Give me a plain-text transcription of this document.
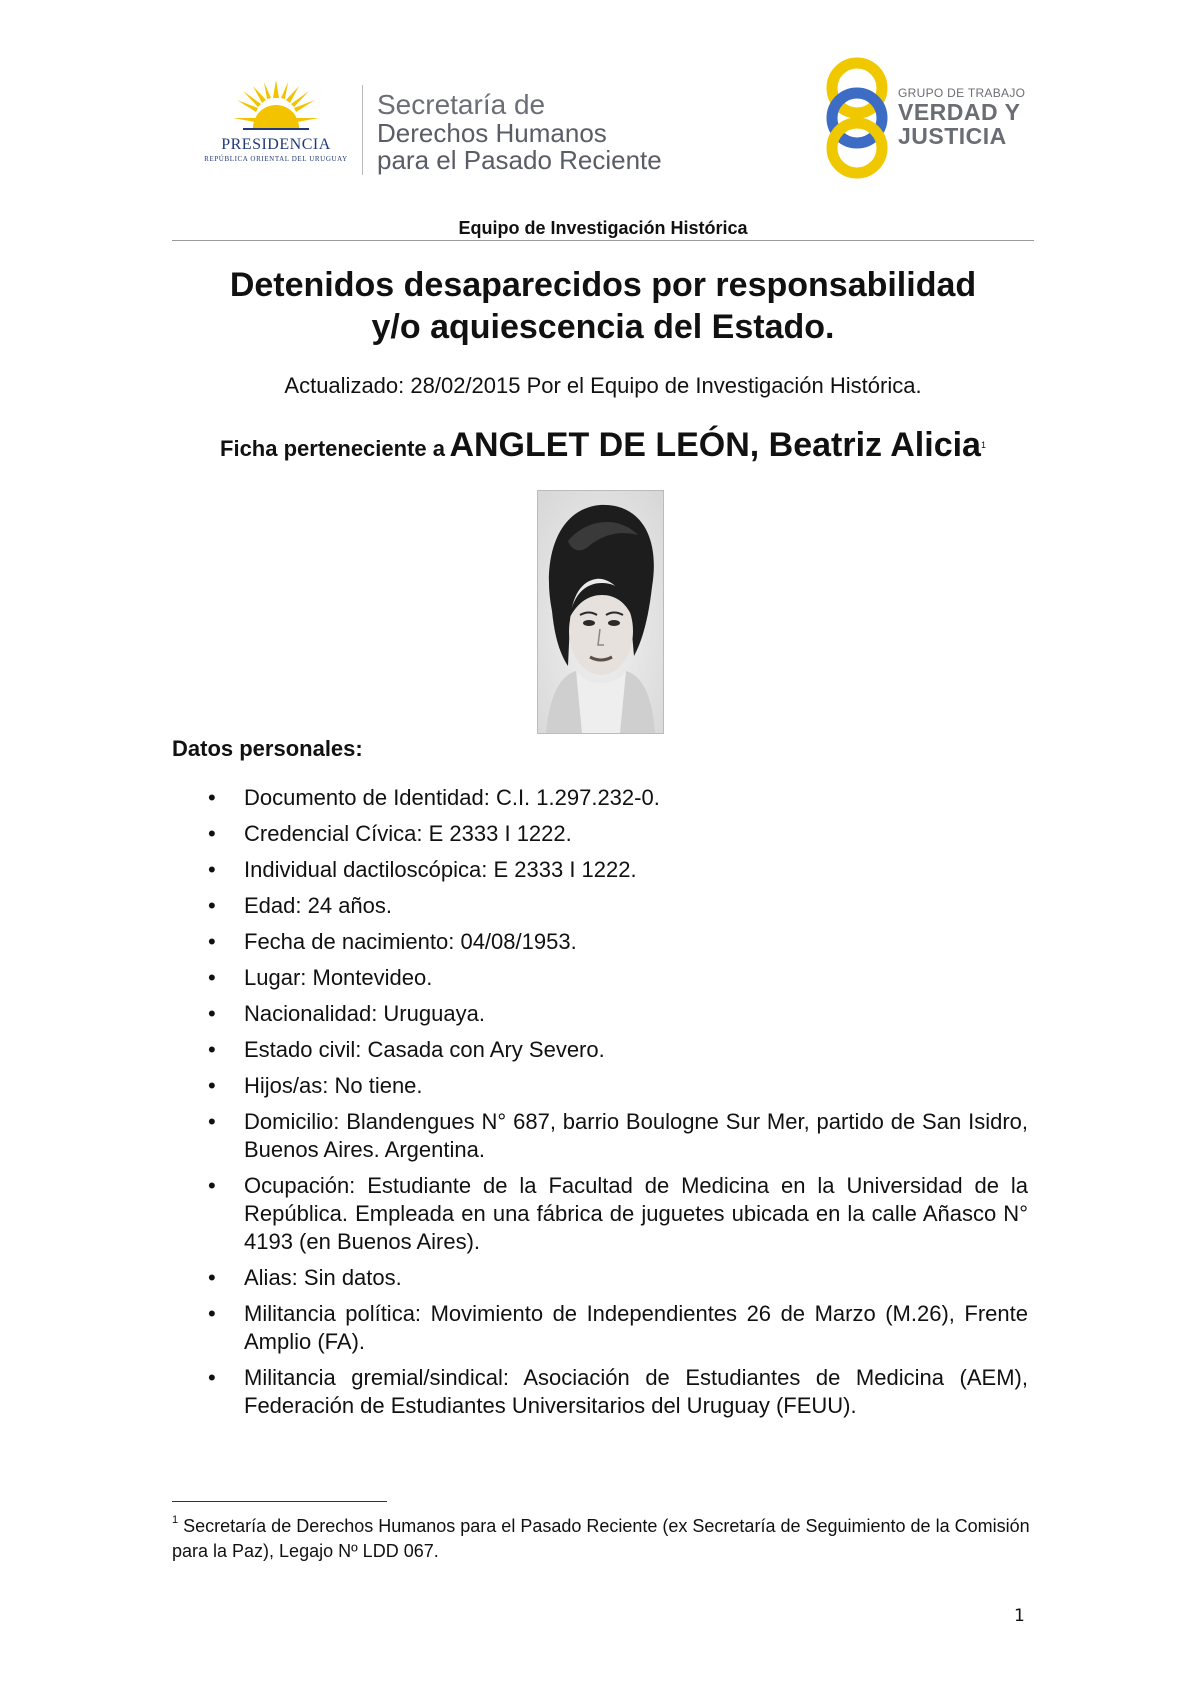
PRESIDENCIA
REPÚBLICA ORIENTAL DEL URUGUAY
Secretaría de
Derechos Humanos
para el Pasado Reciente
GRUPO DE TRABAJO
VERDAD Y
JUSTICIA
Equipo de Investigación Histórica
Detenidos desaparecidos por responsabilidad
y/o aquiescencia del Estado.
Actualizado: 28/02/2015 Por el Equipo de Investigación Histórica.
Ficha perteneciente a ANGLET DE LEÓN, Beatriz Alicia$^1$
Datos personales:
• Documento de Identidad: C.I. 1.297.232-0.
• Credencial Cívica: E 2333 I 1222.
• Individual dactiloscópica: E 2333 I 1222.
• Edad: 24 años.
• Fecha de nacimiento: 04/08/1953.
• Lugar: Montevideo.
• Nacionalidad: Uruguaya.
• Estado civil: Casada con Ary Severo.
• Hijos/as: No tiene.
• Domicilio: Blandengues N° 687, barrio Boulogne Sur Mer, partido de San Isidro, Buenos Aires. Argentina.
• Ocupación: Estudiante de la Facultad de Medicina en la Universidad de la República. Empleada en una fábrica de juguetes ubicada en la calle Añasco N° 4193 (en Buenos Aires).
• Alias: Sin datos.
• Militancia política: Movimiento de Independientes 26 de Marzo (M.26), Frente Amplio (FA).
• Militancia gremial/sindical: Asociación de Estudiantes de Medicina (AEM), Federación de Estudiantes Universitarios del Uruguay (FEUU).
$^1$ Secretaría de Derechos Humanos para el Pasado Reciente (ex Secretaría de Seguimiento de la Comisión para la Paz), Legajo Nº LDD 067.
1
